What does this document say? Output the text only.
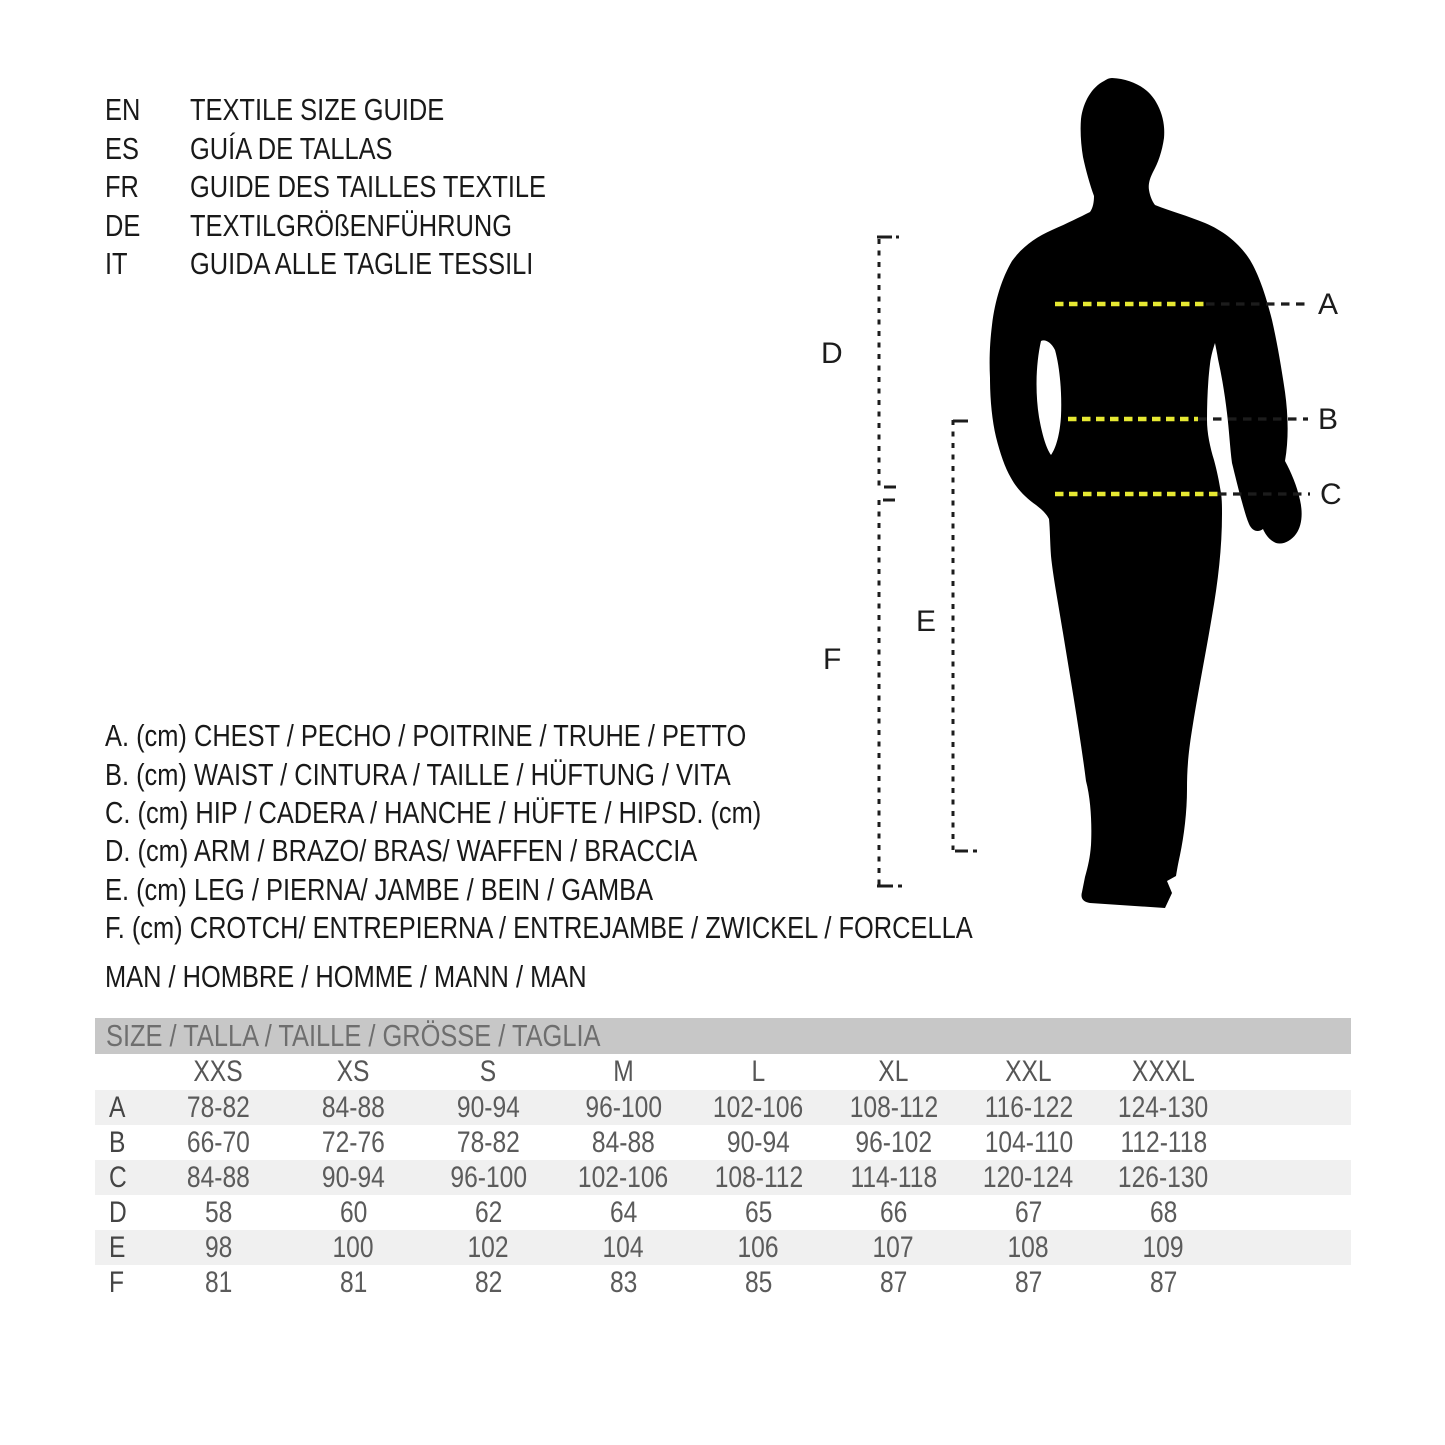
A
B
C
D
E
F
EN	TEXTILE SIZE GUIDE
ES	GUÍA DE TALLAS
FR	GUIDE DES TAILLES TEXTILE
DE	TEXTILGRÖßENFÜHRUNG
IT	GUIDA ALLE TAGLIE TESSILI
A. (cm) CHEST / PECHO / POITRINE / TRUHE / PETTO
B. (cm) WAIST / CINTURA / TAILLE / HÜFTUNG / VITA
C. (cm) HIP / CADERA / HANCHE / HÜFTE / HIPSD. (cm)
D. (cm) ARM / BRAZO/ BRAS/ WAFFEN / BRACCIA
E. (cm) LEG / PIERNA/ JAMBE / BEIN / GAMBA
F. (cm) CROTCH/ ENTREPIERNA / ENTREJAMBE / ZWICKEL / FORCELLA
MAN / HOMBRE / HOMME / MANN / MAN
SIZE / TALLA / TAILLE / GRÖSSE / TAGLIA
XXS	XS	S	M	L	XL	XXL	XXXL
A 78-82 84-88 90-94 96-100 102-106 108-112 116-122 124-130
B 66-70 72-76 78-82 84-88 90-94 96-102 104-110 112-118
C 84-88 90-94 96-100 102-106 108-112 114-118 120-124 126-130
D	58	60	62	64	65	66	67	68
E	98	100	102	104	106	107	108	109
F	81	81	82	83	85	87	87	87
